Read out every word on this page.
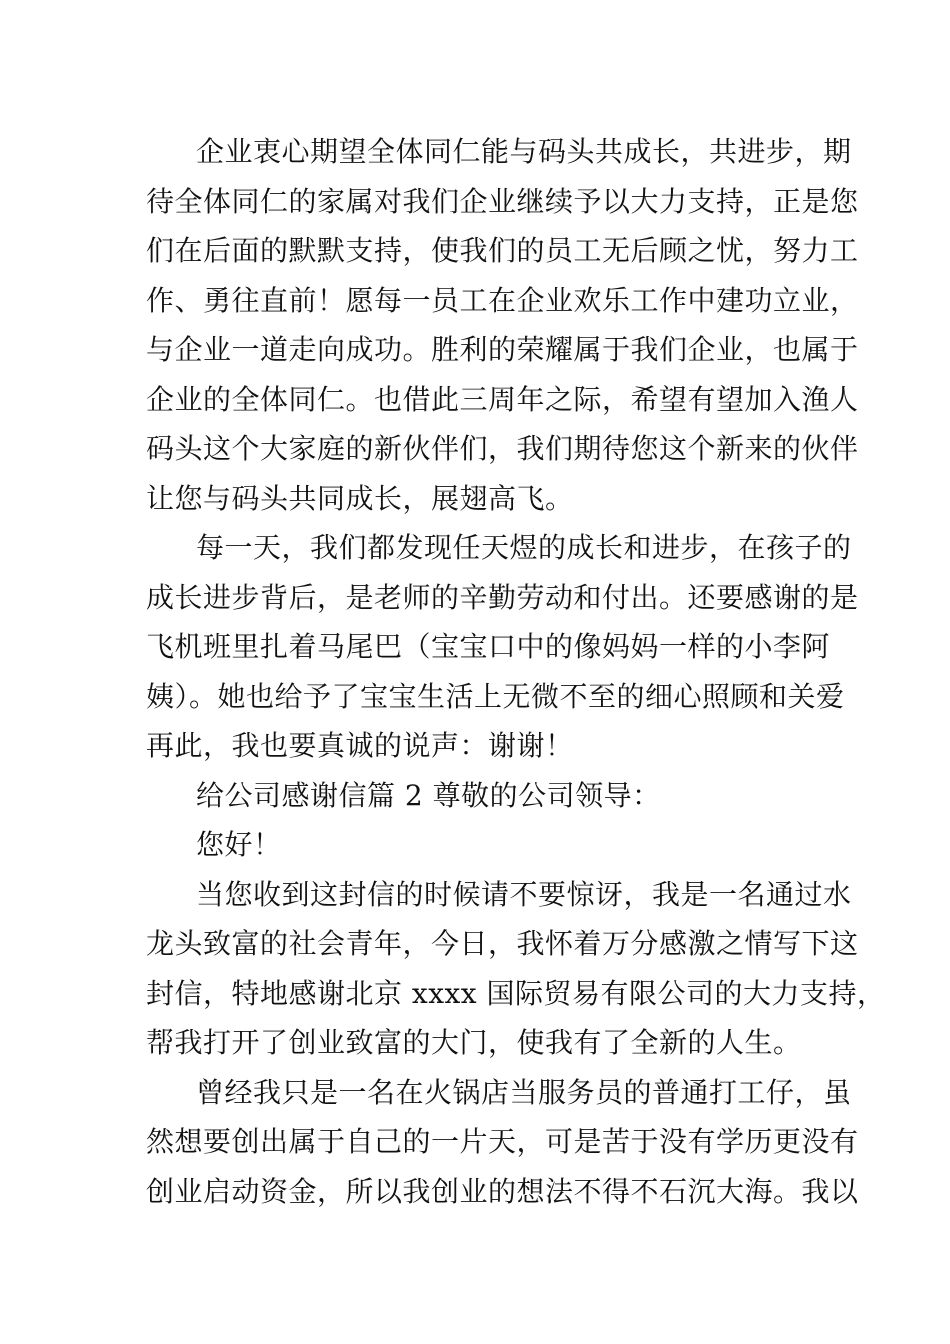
企业衷心期望全体同仁能与码头共成长，共进步，期
待全体同仁的家属对我们企业继续予以大力支持，正是您
们在后面的默默支持，使我们的员工无后顾之忧，努力工
作、勇往直前！愿每一员工在企业欢乐工作中建功立业，
与企业一道走向成功。胜利的荣耀属于我们企业，也属于
企业的全体同仁。也借此三周年之际，希望有望加入渔人
码头这个大家庭的新伙伴们，我们期待您这个新来的伙伴
让您与码头共同成长，展翅高飞。
每一天，我们都发现任天煜的成长和进步，在孩子的
成长进步背后，是老师的辛勤劳动和付出。还要感谢的是
飞机班里扎着马尾巴（宝宝口中的像妈妈一样的小李阿
姨）。她也给予了宝宝生活上无微不至的细心照顾和关爱
再此，我也要真诚的说声：谢谢！
给公司感谢信篇 2 尊敬的公司领导：
您好！
当您收到这封信的时候请不要惊讶，我是一名通过水
龙头致富的社会青年，今日，我怀着万分感激之情写下这
封信，特地感谢北京 xxxx 国际贸易有限公司的大力支持，
帮我打开了创业致富的大门，使我有了全新的人生。
曾经我只是一名在火锅店当服务员的普通打工仔，虽
然想要创出属于自己的一片天，可是苦于没有学历更没有
创业启动资金，所以我创业的想法不得不石沉大海。我以
